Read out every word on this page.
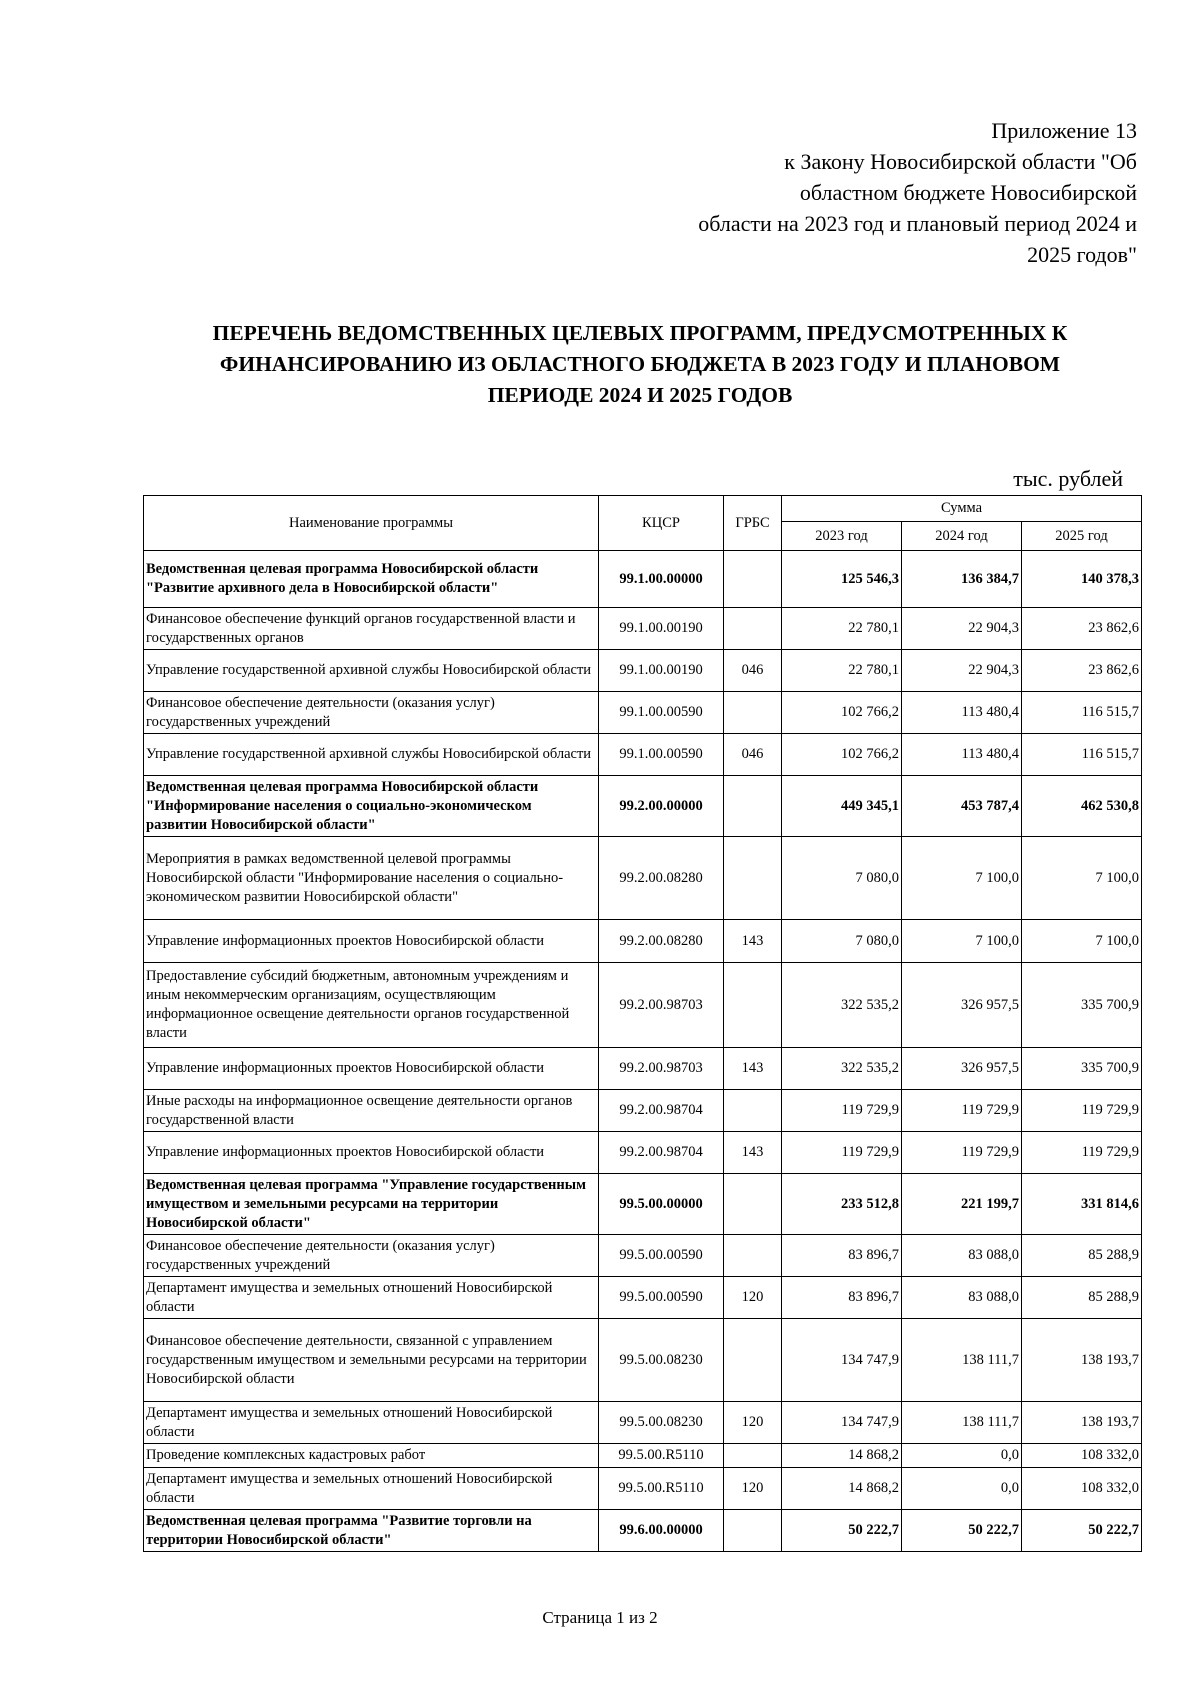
Приложение 13
к Закону Новосибирской области "Об
областном бюджете Новосибирской
области на 2023 год и плановый период 2024 и
2025 годов"
ПЕРЕЧЕНЬ ВЕДОМСТВЕННЫХ ЦЕЛЕВЫХ ПРОГРАММ, ПРЕДУСМОТРЕННЫХ К
ФИНАНСИРОВАНИЮ ИЗ ОБЛАСТНОГО БЮДЖЕТА В 2023 ГОДУ И ПЛАНОВОМ
ПЕРИОДЕ 2024 И 2025 ГОДОВ
тыс. рублей
Наименование программы	КЦСР	ГРБС	Сумма		
			2023 год	2024 год	2025 год
Ведомственная целевая программа Новосибирской области "Развитие архивного дела в Новосибирской области"	99.1.00.00000		125 546,3	136 384,7	140 378,3
Финансовое обеспечение функций органов государственной власти и государственных органов	99.1.00.00190		22 780,1	22 904,3	23 862,6
Управление государственной архивной службы Новосибирской области	99.1.00.00190	046	22 780,1	22 904,3	23 862,6
Финансовое обеспечение деятельности (оказания услуг) государственных учреждений	99.1.00.00590		102 766,2	113 480,4	116 515,7
Управление государственной архивной службы Новосибирской области	99.1.00.00590	046	102 766,2	113 480,4	116 515,7
Ведомственная целевая программа Новосибирской области "Информирование населения о социально-экономическом развитии Новосибирской области"	99.2.00.00000		449 345,1	453 787,4	462 530,8
Мероприятия в рамках ведомственной целевой программы Новосибирской области "Информирование населения о социально-экономическом развитии Новосибирской области"	99.2.00.08280		7 080,0	7 100,0	7 100,0
Управление информационных проектов Новосибирской области	99.2.00.08280	143	7 080,0	7 100,0	7 100,0
Предоставление субсидий бюджетным, автономным учреждениям и иным некоммерческим организациям, осуществляющим информационное освещение деятельности органов государственной власти	99.2.00.98703		322 535,2	326 957,5	335 700,9
Управление информационных проектов Новосибирской области	99.2.00.98703	143	322 535,2	326 957,5	335 700,9
Иные расходы на информационное освещение деятельности органов государственной власти	99.2.00.98704		119 729,9	119 729,9	119 729,9
Управление информационных проектов Новосибирской области	99.2.00.98704	143	119 729,9	119 729,9	119 729,9
Ведомственная целевая программа "Управление государственным имуществом и земельными ресурсами на территории Новосибирской области"	99.5.00.00000		233 512,8	221 199,7	331 814,6
Финансовое обеспечение деятельности (оказания услуг) государственных учреждений	99.5.00.00590		83 896,7	83 088,0	85 288,9
Департамент имущества и земельных отношений Новосибирской области	99.5.00.00590	120	83 896,7	83 088,0	85 288,9
Финансовое обеспечение деятельности, связанной с управлением государственным имуществом и земельными ресурсами на территории Новосибирской области	99.5.00.08230		134 747,9	138 111,7	138 193,7
Департамент имущества и земельных отношений Новосибирской области	99.5.00.08230	120	134 747,9	138 111,7	138 193,7
Проведение комплексных кадастровых работ	99.5.00.R5110		14 868,2	0,0	108 332,0
Департамент имущества и земельных отношений Новосибирской области	99.5.00.R5110	120	14 868,2	0,0	108 332,0
Ведомственная целевая программа "Развитие торговли на территории Новосибирской области"	99.6.00.00000		50 222,7	50 222,7	50 222,7
Страница 1 из 2
